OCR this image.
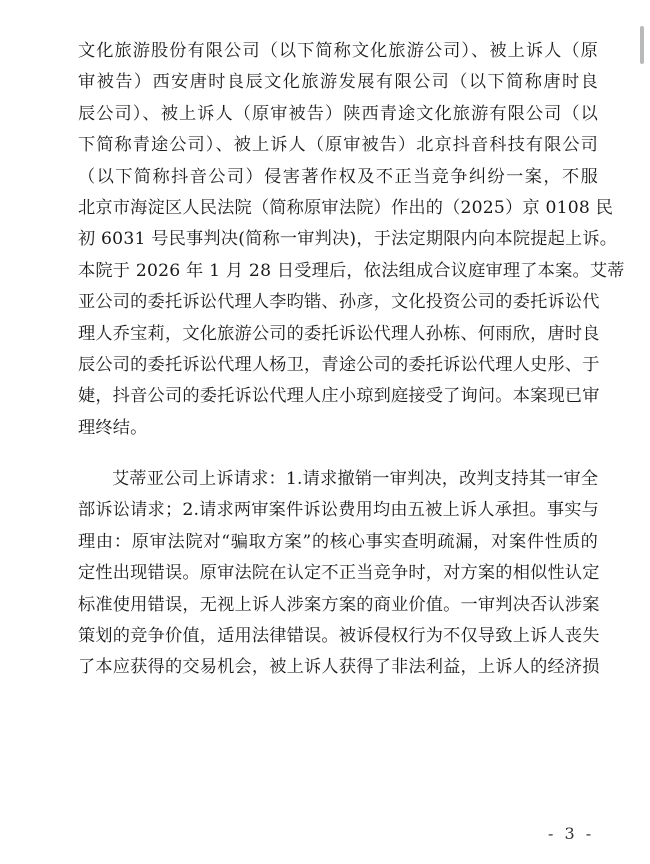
文化旅游股份有限公司（以下简称文化旅游公司）、被上诉人（原
审被告）西安唐时良辰文化旅游发展有限公司（以下简称唐时良
辰公司）、被上诉人（原审被告）陕西青途文化旅游有限公司（以
下简称青途公司）、被上诉人（原审被告）北京抖音科技有限公司
（以下简称抖音公司）侵害著作权及不正当竞争纠纷一案，不服
北京市海淀区人民法院（简称原审法院）作出的（2025）京 0108 民
初 6031 号民事判决(简称一审判决)，于法定期限内向本院提起上诉。
本院于 2026 年 1 月 28 日受理后，依法组成合议庭审理了本案。艾蒂
亚公司的委托诉讼代理人李昀锴、孙彦，文化投资公司的委托诉讼代
理人乔宝莉，文化旅游公司的委托诉讼代理人孙栋、何雨欣，唐时良
辰公司的委托诉讼代理人杨卫，青途公司的委托诉讼代理人史彤、于
婕，抖音公司的委托诉讼代理人庄小琼到庭接受了询问。本案现已审
理终结。
艾蒂亚公司上诉请求：1.请求撤销一审判决，改判支持其一审全
部诉讼请求；2.请求两审案件诉讼费用均由五被上诉人承担。事实与
理由：原审法院对“骗取方案”的核心事实查明疏漏，对案件性质的
定性出现错误。原审法院在认定不正当竞争时，对方案的相似性认定
标准使用错误，无视上诉人涉案方案的商业价值。一审判决否认涉案
策划的竞争价值，适用法律错误。被诉侵权行为不仅导致上诉人丧失
了本应获得的交易机会，被上诉人获得了非法利益，上诉人的经济损
- 3 -
